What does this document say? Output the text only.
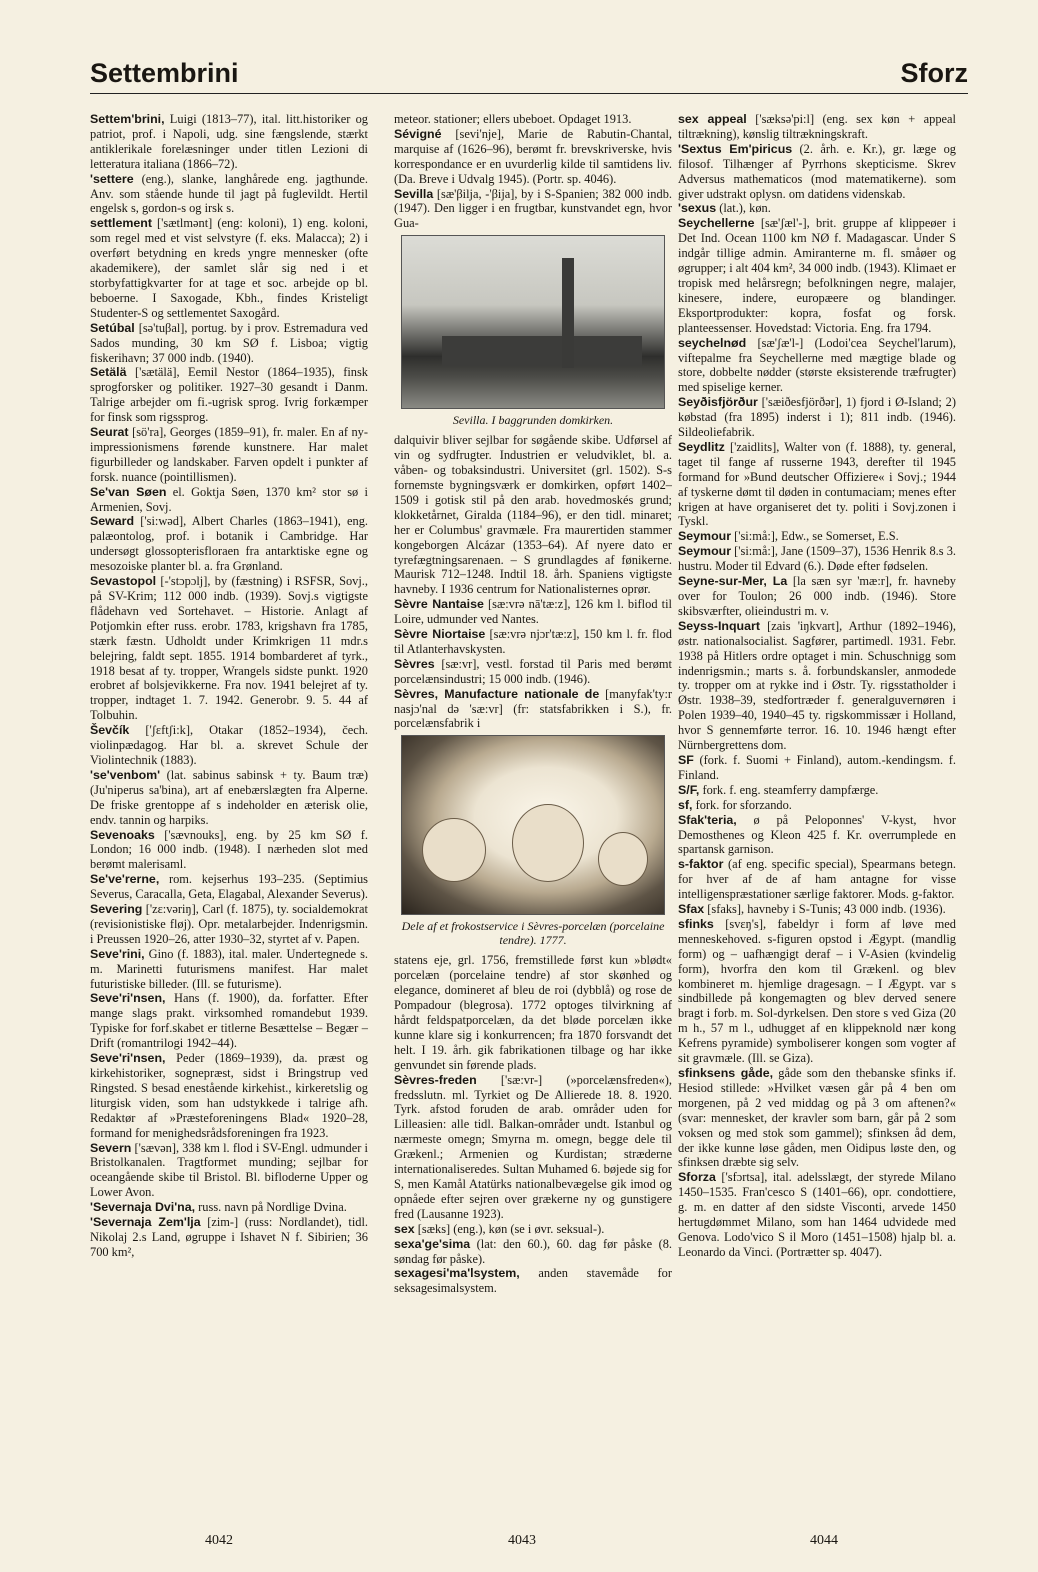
Settembrini	Sforz

Settem'brini, Luigi (1813–77), ital. litt.historiker og patriot, prof. i Napoli, udg. sine fængslende, stærkt antiklerikale forelæsninger under titlen Lezioni di letteratura italiana (1866–72).

'settere (eng.), slanke, langhårede eng. jagthunde. Anv. som stående hunde til jagt på fuglevildt. Hertil engelsk s, gordon-s og irsk s.

settlement ['sætlmənt] (eng: koloni), 1) eng. koloni, som regel med et vist selvstyre (f. eks. Malacca); 2) i overført betydning en kreds yngre mennesker (ofte akademikere), der samlet slår sig ned i et storbyfattigkvarter for at tage et soc. arbejde op bl. beboerne. I Saxogade, Kbh., findes Kristeligt Studenter-S og settlementet Saxogård.

Setúbal [sə'tuβal], portug. by i prov. Estremadura ved Sados munding, 30 km SØ f. Lisboa; vigtig fiskerihavn; 37 000 indb. (1940).

Setälä ['sætälä], Eemil Nestor (1864–1935), finsk sprogforsker og politiker. 1927–30 gesandt i Danm. Talrige arbejder om fi.-ugrisk sprog. Ivrig forkæmper for finsk som rigssprog.

Seurat [sö'ra], Georges (1859–91), fr. maler. En af ny-impressionismens førende kunstnere. Har malet figurbilleder og landskaber. Farven opdelt i punkter af forsk. nuance (pointillismen).

Se'van Søen el. Goktja Søen, 1370 km² stor sø i Armenien, Sovj.

Seward ['si:wəd], Albert Charles (1863–1941), eng. palæontolog, prof. i botanik i Cambridge. Har undersøgt glossopterisfloraen fra antarktiske egne og mesozoiske planter bl. a. fra Grønland.

Sevastopol [-'stɔpɔlj], by (fæstning) i RSFSR, Sovj., på SV-Krim; 112 000 indb. (1939). Sovj.s vigtigste flådehavn ved Sortehavet. – Historie. Anlagt af Potjomkin efter russ. erobr. 1783, krigshavn fra 1785, stærk fæstn. Udholdt under Krimkrigen 11 mdr.s belejring, faldt sept. 1855. 1914 bombarderet af tyrk., 1918 besat af ty. tropper, Wrangels sidste punkt. 1920 erobret af bolsjevikkerne. Fra nov. 1941 belejret af ty. tropper, indtaget 1. 7. 1942. Generobr. 9. 5. 44 af Tolbuhin.

Ševčík ['ʃɛftʃi:k], Otakar (1852–1934), čech. violinpædagog. Har bl. a. skrevet Schule der Violintechnik (1883).

'se'venbom' (lat. sabinus sabinsk + ty. Baum træ) (Ju'niperus sa'bina), art af enebærslægten fra Alperne. De friske grentoppe af s indeholder en æterisk olie, endv. tannin og harpiks.

Sevenoaks ['sævnouks], eng. by 25 km SØ f. London; 16 000 indb. (1948). I nærheden slot med berømt malerisaml.

Se've'rerne, rom. kejserhus 193–235. (Septimius Severus, Caracalla, Geta, Elagabal, Alexander Severus).

Severing ['zɛ:vəriŋ], Carl (f. 1875), ty. socialdemokrat (revisionistiske fløj). Opr. metalarbejder. Indenrigsmin. i Preussen 1920–26, atter 1930–32, styrtet af v. Papen.

Seve'rini, Gino (f. 1883), ital. maler. Undertegnede s. m. Marinetti futurismens manifest. Har malet futuristiske billeder. (Ill. se futurisme).

Seve'ri'nsen, Hans (f. 1900), da. forfatter. Efter mange slags prakt. virksomhed romandebut 1939. Typiske for forf.skabet er titlerne Besættelse – Begær – Drift (romantrilogi 1942–44).

Seve'ri'nsen, Peder (1869–1939), da. præst og kirkehistoriker, sognepræst, sidst i Bringstrup ved Ringsted. S besad enestående kirkehist., kirkeretslig og liturgisk viden, som han udstykkede i talrige afh. Redaktør af »Præsteforeningens Blad« 1920–28, formand for menighedsrådsforeningen fra 1923.

Severn ['sævən], 338 km l. flod i SV-Engl. udmunder i Bristolkanalen. Tragtformet munding; sejlbar for oceangående skibe til Bristol. Bl. bifloderne Upper og Lower Avon.

'Severnaja Dvi'na, russ. navn på Nordlige Dvina.

'Severnaja Zem'lja [zim-] (russ: Nordlandet), tidl. Nikolaj 2.s Land, øgruppe i Ishavet N f. Sibirien; 36 700 km²,

meteor. stationer; ellers ubeboet. Opdaget 1913.

Sévigné [sevi'nje], Marie de Rabutin-Chantal, marquise af (1626–96), berømt fr. brevskriverske, hvis korrespondance er en uvurderlig kilde til samtidens liv. (Da. Breve i Udvalg 1945). (Portr. sp. 4046).

Sevilla [sæ'βilja, -'βija], by i S-Spanien; 382 000 indb. (1947). Den ligger i en frugtbar, kunstvandet egn, hvor Gua-

Sevilla. I baggrunden domkirken.

dalquivir bliver sejlbar for søgående skibe. Udførsel af vin og sydfrugter. Industrien er veludviklet, bl. a. våben- og tobaksindustri. Universitet (grl. 1502). S-s fornemste bygningsværk er domkirken, opført 1402–1509 i gotisk stil på den arab. hovedmoskés grund; klokketårnet, Giralda (1184–96), er den tidl. minaret; her er Columbus' gravmæle. Fra maurertiden stammer kongeborgen Alcázar (1353–64). Af nyere dato er tyrefægtningsarenaen. – S grundlagdes af fønikerne. Maurisk 712–1248. Indtil 18. årh. Spaniens vigtigste havneby. I 1936 centrum for Nationalisternes oprør.

Sèvre Nantaise [sæ:vrə nā'tæ:z], 126 km l. biflod til Loire, udmunder ved Nantes.

Sèvre Niortaise [sæ:vrə njɔr'tæ:z], 150 km l. fr. flod til Atlanterhavskysten.

Sèvres [sæ:vr], vestl. forstad til Paris med berømt porcelænsindustri; 15 000 indb. (1946).

Sèvres, Manufacture nationale de [manyfak'ty:r nasjɔ'nal də 'sæ:vr] (fr: statsfabrikken i S.), fr. porcelænsfabrik i

Dele af et frokostservice i Sèvres-porcelæn (porcelaine tendre). 1777.

statens eje, grl. 1756, fremstillede først kun »blødt« porcelæn (porcelaine tendre) af stor skønhed og elegance, domineret af bleu de roi (dybblå) og rose de Pompadour (blegrosa). 1772 optoges tilvirkning af hårdt feldspatporcelæn, da det bløde porcelæn ikke kunne klare sig i konkurrencen; fra 1870 forsvandt det helt. I 19. årh. gik fabrikationen tilbage og har ikke genvundet sin førende plads.

Sèvres-freden ['sæ:vr-] (»porcelænsfreden«), fredsslutn. ml. Tyrkiet og De Allierede 18. 8. 1920. Tyrk. afstod foruden de arab. områder uden for Lilleasien: alle tidl. Balkan-områder undt. Istanbul og nærmeste omegn; Smyrna m. omegn, begge dele til Grækenl.; Armenien og Kurdistan; stræderne internationaliseredes. Sultan Muhamed 6. bøjede sig for S, men Kamål Atatürks nationalbevægelse gik imod og opnåede efter sejren over grækerne ny og gunstigere fred (Lausanne 1923).

sex [sæks] (eng.), køn (se i øvr. seksual-).

sexa'ge'sima (lat: den 60.), 60. dag før påske (8. søndag før påske).

sexagesi'ma'lsystem, anden stavemåde for seksagesimalsystem.

sex appeal ['sæksə'pi:l] (eng. sex køn + appeal tiltrækning), kønslig tiltrækningskraft.

'Sextus Em'piricus (2. årh. e. Kr.), gr. læge og filosof. Tilhænger af Pyrrhons skepticisme. Skrev Adversus mathematicos (mod matematikerne). som giver udstrakt oplysn. om datidens videnskab.

'sexus (lat.), køn.

Seychellerne [sæ'ʃæl'-], brit. gruppe af klippeøer i Det Ind. Ocean 1100 km NØ f. Madagascar. Under S indgår tillige admin. Amiranterne m. fl. småøer og øgrupper; i alt 404 km², 34 000 indb. (1943). Klimaet er tropisk med helårsregn; befolkningen negre, malajer, kinesere, indere, europæere og blandinger. Eksportprodukter: kopra, fosfat og forsk. planteessenser. Hovedstad: Victoria. Eng. fra 1794.

seychelnød [sæ'ʃæ'l-] (Lodoi'cea Seychel'larum), viftepalme fra Seychellerne med mægtige blade og store, dobbelte nødder (største eksisterende træfrugter) med spiselige kerner.

Seyðisfjörður ['sæiðesfjörðər], 1) fjord i Ø-Island; 2) købstad (fra 1895) inderst i 1); 811 indb. (1946). Sildeoliefabrik.

Seydlitz ['zaidlits], Walter von (f. 1888), ty. general, taget til fange af russerne 1943, derefter til 1945 formand for »Bund deutscher Offiziere« i Sovj.; 1944 af tyskerne dømt til døden in contumaciam; menes efter krigen at have organiseret det ty. politi i Sovj.zonen i Tyskl.

Seymour ['si:må:], Edw., se Somerset, E.S.

Seymour ['si:må:], Jane (1509–37), 1536 Henrik 8.s 3. hustru. Moder til Edvard (6.). Døde efter fødselen.

Seyne-sur-Mer, La [la sæn syr 'mæ:r], fr. havneby over for Toulon; 26 000 indb. (1946). Store skibsværfter, olieindustri m. v.

Seyss-Inquart [zais 'iŋkvart], Arthur (1892–1946), østr. nationalsocialist. Sagfører, partimedl. 1931. Febr. 1938 på Hitlers ordre optaget i min. Schuschnigg som indenrigsmin.; marts s. å. forbundskansler, anmodede ty. tropper om at rykke ind i Østr. Ty. rigsstatholder i Østr. 1938–39, stedfortræder f. generalguvernøren i Polen 1939–40, 1940–45 ty. rigskommissær i Holland, hvor S gennemførte terror. 16. 10. 1946 hængt efter Nürnbergrettens dom.

SF (fork. f. Suomi + Finland), autom.-kendingsm. f. Finland.

S/F, fork. f. eng. steamferry dampfærge.

sf, fork. for sforzando.

Sfak'teria, ø på Peloponnes' V-kyst, hvor Demosthenes og Kleon 425 f. Kr. overrumplede en spartansk garnison.

s-faktor (af eng. specific special), Spearmans betegn. for hver af de af ham antagne for visse intelligenspræstationer særlige faktorer. Mods. g-faktor.

Sfax [sfaks], havneby i S-Tunis; 43 000 indb. (1936).

sfinks [svεŋ's], fabeldyr i form af løve med menneskehoved. s-figuren opstod i Ægypt. (mandlig form) og – uafhængigt deraf – i V-Asien (kvindelig form), hvorfra den kom til Grækenl. og blev kombineret m. hjemlige dragesagn. – I Ægypt. var s sindbillede på kongemagten og blev derved senere bragt i forb. m. Sol-dyrkelsen. Den store s ved Giza (20 m h., 57 m l., udhugget af en klippeknold nær kong Kefrens pyramide) symboliserer kongen som vogter af sit gravmæle. (Ill. se Giza).

sfinksens gåde, gåde som den thebanske sfinks if. Hesiod stillede: »Hvilket væsen går på 4 ben om morgenen, på 2 ved middag og på 3 om aftenen?« (svar: mennesket, der kravler som barn, går på 2 som voksen og med stok som gammel); sfinksen åd dem, der ikke kunne løse gåden, men Oidipus løste den, og sfinksen dræbte sig selv.

Sforza ['sfɔrtsa], ital. adelsslægt, der styrede Milano 1450–1535. Fran'cesco S (1401–66), opr. condottiere, g. m. en datter af den sidste Visconti, arvede 1450 hertugdømmet Milano, som han 1464 udvidede med Genova. Lodo'vico S il Moro (1451–1508) hjalp bl. a. Leonardo da Vinci. (Portrætter sp. 4047).

4042	4043	4044
